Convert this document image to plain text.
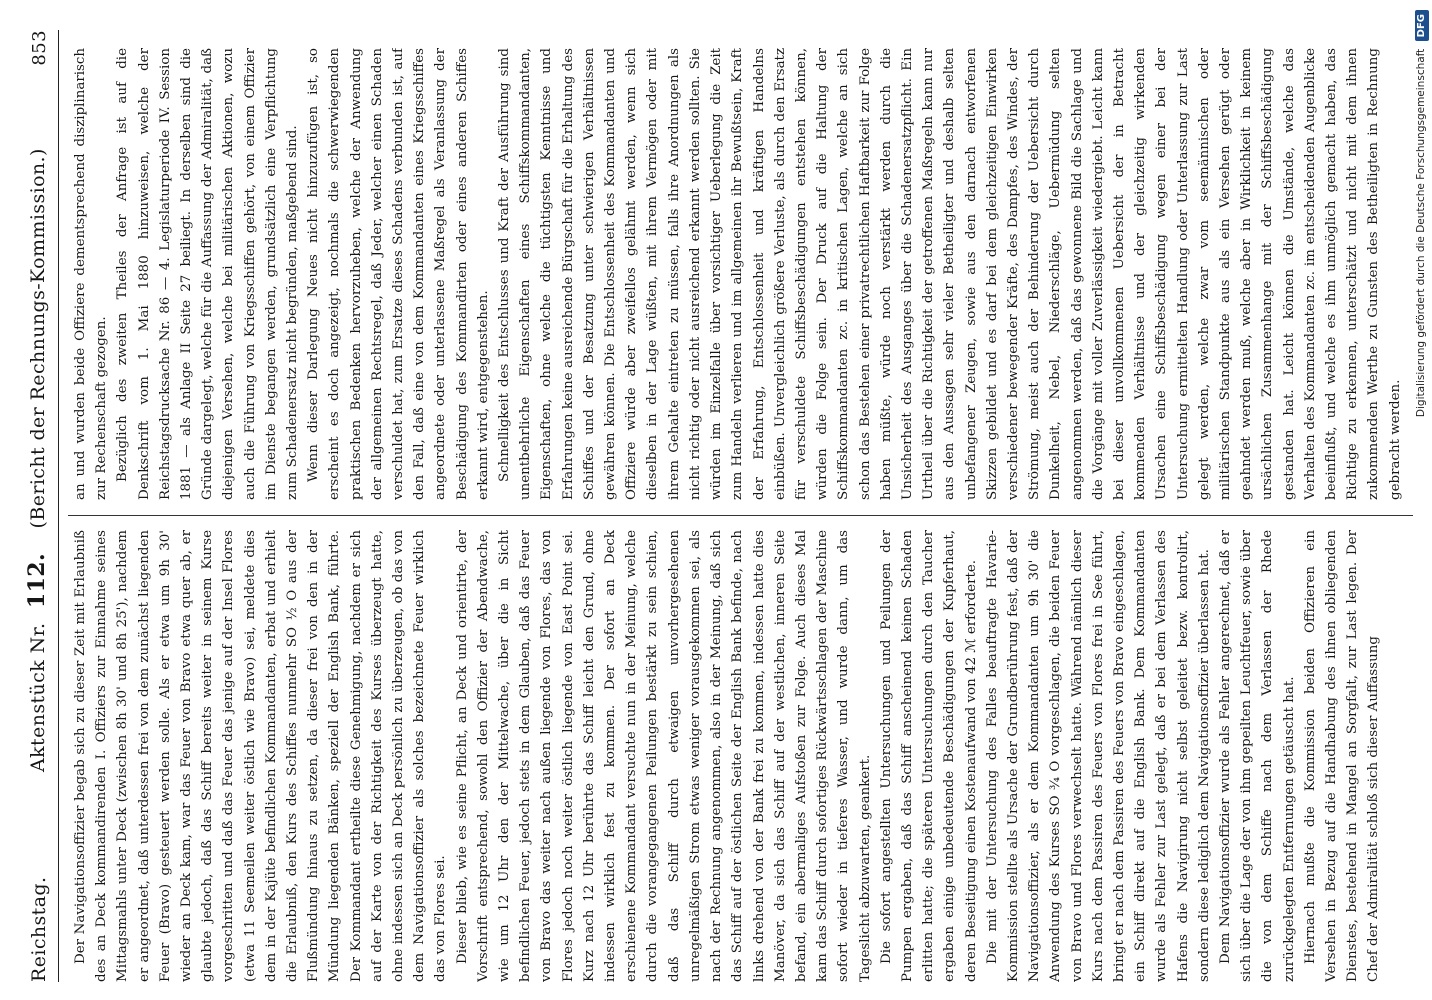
Reichstag.
Aktenstück Nr. 112. (Bericht der Rechnungs-Kommission.)
853

Der Navigationsoffizier begab sich zu dieser Zeit mit Erlaubniß des an Deck kommandirenden I. Offiziers zur Einnahme seines Mittagsmahls unter Deck (zwischen 8h 30' und 8h 25'), nachdem er angeordnet, daß unterdessen frei von dem zunächst liegenden Feuer (Bravo) gesteuert werden solle. Als er etwa um 9h 30' wieder an Deck kam, war das Feuer von Bravo etwa quer ab, er glaubte jedoch, daß das Schiff bereits weiter in seinem Kurse vorgeschritten und daß das Feuer das jenige auf der Insel Flores (etwa 11 Seemeilen weiter östlich wie Bravo) sei, meldete dies dem in der Kajüte befindlichen Kommandanten, erbat und erhielt die Erlaubniß, den Kurs des Schiffes nunmehr SO ½ O aus der Flußmündung hinaus zu setzen, da dieser frei von den in der Mündung liegenden Bänken, speziell der English Bank, führte. Der Kommandant ertheilte diese Genehmigung, nachdem er sich auf der Karte von der Richtigkeit des Kurses überzeugt hatte, ohne indessen sich an Deck persönlich zu überzeugen, ob das von dem Navigationsoffizier als solches bezeichnete Feuer wirklich das von Flores sei. Dieser blieb, wie es seine Pflicht, an Deck und orientirte, der Vorschrift entsprechend, sowohl den Offizier der Abendwache, wie um 12 Uhr den der Mittelwache, über die in Sicht befindlichen Feuer, jedoch stets in dem Glauben, daß das Feuer von Bravo das weiter nach außen liegende von Flores, das von Flores jedoch noch weiter östlich liegende von East Point sei. Kurz nach 12 Uhr berührte das Schiff leicht den Grund, ohne indessen wirklich fest zu kommen. Der sofort an Deck erschienene Kommandant versuchte nun in der Meinung, welche durch die vorangegangenen Peilungen bestärkt zu sein schien, daß das Schiff durch etwaigen unvorhergesehenen unregelmäßigen Strom etwas weniger vorausgekommen sei, als nach der Rechnung angenommen, also in der Meinung, daß sich das Schiff auf der östlichen Seite der English Bank befinde, nach links drehend von der Bank frei zu kommen, indessen hatte dies Manöver, da sich das Schiff auf der westlichen, inneren Seite befand, ein abermaliges Aufstoßen zur Folge. Auch dieses Mal kam das Schiff durch sofortiges Rückwärtsschlagen der Maschine sofort wieder in tieferes Wasser, und wurde dann, um das Tageslicht abzuwarten, geankert. Die sofort angestellten Untersuchungen und Peilungen der Pumpen ergaben, daß das Schiff anscheinend keinen Schaden erlitten hatte; die späteren Untersuchungen durch den Taucher ergaben einige unbedeutende Beschädigungen der Kupferhaut, deren Beseitigung einen Kostenaufwand von 42 ℳ erforderte. Die mit der Untersuchung des Falles beauftragte Havarie-Kommission stellte als Ursache der Grundberührung fest, daß der Navigationsoffizier, als er dem Kommandanten um 9h 30' die Anwendung des Kurses SO ¾ O vorgeschlagen, die beiden Feuer von Bravo und Flores verwechselt hatte. Während nämlich dieser Kurs nach dem Passiren des Feuers von Flores frei in See führt, bringt er nach dem Passiren des Feuers von Bravo eingeschlagen, ein Schiff direkt auf die English Bank. Dem Kommandanten wurde als Fehler zur Last gelegt, daß er bei dem Verlassen des Hafens die Navigirung nicht selbst geleitet bezw. kontrolirt, sondern diese lediglich dem Navigationsoffizier überlassen hat. Dem Navigationsoffizier wurde als Fehler angerechnet, daß er sich über die Lage der von ihm gepeilten Leuchtfeuer, sowie über die von dem Schiffe nach dem Verlassen der Rhede zurückgelegten Entfernungen getäuscht hat. Hiernach mußte die Kommission beiden Offizieren ein Versehen in Bezug auf die Handhabung des ihnen obliegenden Dienstes, bestehend in Mangel an Sorgfalt, zur Last legen. Der Chef der Admiralität schloß sich dieser Auffassung

an und wurden beide Offiziere dementsprechend disziplinarisch zur Rechenschaft gezogen. Bezüglich des zweiten Theiles der Anfrage ist auf die Denkschrift vom 1. Mai 1880 hinzuweisen, welche der Reichstagsdrucksache Nr. 86 — 4. Legislaturperiode IV. Session 1881 — als Anlage II Seite 27 beiliegt. In derselben sind die Gründe dargelegt, welche für die Auffassung der Admiralität, daß diejenigen Versehen, welche bei militärischen Aktionen, wozu auch die Führung von Kriegsschiffen gehört, von einem Offizier im Dienste begangen werden, grundsätzlich eine Verpflichtung zum Schadenersatz nicht begründen, maßgebend sind. Wenn dieser Darlegung Neues nicht hinzuzufügen ist, so erscheint es doch angezeigt, nochmals die schwerwiegenden praktischen Bedenken hervorzuheben, welche der Anwendung der allgemeinen Rechtsregel, daß Jeder, welcher einen Schaden verschuldet hat, zum Ersatze dieses Schadens verbunden ist, auf den Fall, daß eine von dem Kommandanten eines Kriegsschiffes angeordnete oder unterlassene Maßregel als Veranlassung der Beschädigung des Kommandirten oder eines anderen Schiffes erkannt wird, entgegenstehen. Schnelligkeit des Entschlusses und Kraft der Ausführung sind unentbehrliche Eigenschaften eines Schiffskommandanten, Eigenschaften, ohne welche die tüchtigsten Kenntnisse und Erfahrungen keine ausreichende Bürgschaft für die Erhaltung des Schiffes und der Besatzung unter schwierigen Verhältnissen gewähren können. Die Entschlossenheit des Kommandanten und Offiziere würde aber zweifellos gelähmt werden, wenn sich dieselben in der Lage wüßten, mit ihrem Vermögen oder mit ihrem Gehalte eintreten zu müssen, falls ihre Anordnungen als nicht richtig oder nicht ausreichend erkannt werden sollten. Sie würden im Einzelfalle über vorsichtiger Ueberlegung die Zeit zum Handeln verlieren und im allgemeinen ihr Bewußtsein, Kraft der Erfahrung, Entschlossenheit und kräftigen Handelns einbüßen. Unvergleichlich größere Verluste, als durch den Ersatz für verschuldete Schiffsbeschädigungen entstehen können, würden die Folge sein. Der Druck auf die Haltung der Schiffskommandanten zc. in kritischen Lagen, welche an sich schon das Bestehen einer privatrechtlichen Haftbarkeit zur Folge haben müßte, würde noch verstärkt werden durch die Unsicherheit des Ausganges über die Schadenersatzpflicht. Ein Urtheil über die Richtigkeit der getroffenen Maßregeln kann nur aus den Aussagen sehr vieler Betheiligter und deshalb selten unbefangener Zeugen, sowie aus den darnach entworfenen Skizzen gebildet und es darf bei dem gleichzeitigen Einwirken verschiedener bewegender Kräfte, des Dampfes, des Windes, der Strömung, meist auch der Behinderung der Uebersicht durch Dunkelheit, Nebel, Niederschläge, Uebermüdung selten angenommen werden, daß das gewonnene Bild die Sachlage und die Vorgänge mit voller Zuverlässigkeit wiedergiebt. Leicht kann bei dieser unvollkommenen Uebersicht der in Betracht kommenden Verhältnisse und der gleichzeitig wirkenden Ursachen eine Schiffsbeschädigung wegen einer bei der Untersuchung ermittelten Handlung oder Unterlassung zur Last gelegt werden, welche zwar vom seemännischen oder militärischen Standpunkte aus als ein Versehen gerügt oder geahndet werden muß, welche aber in Wirklichkeit in keinem ursächlichen Zusammenhange mit der Schiffsbeschädigung gestanden hat. Leicht können die Umstände, welche das Verhalten des Kommandanten zc. im entscheidenden Augenblicke beeinflußt, und welche es ihm unmöglich gemacht haben, das Richtige zu erkennen, unterschätzt und nicht mit dem ihnen zukommenden Werthe zu Gunsten des Betheiligten in Rechnung gebracht werden.

Digitalisierung gefördert durch die Deutsche Forschungsgemeinschaft DFG
